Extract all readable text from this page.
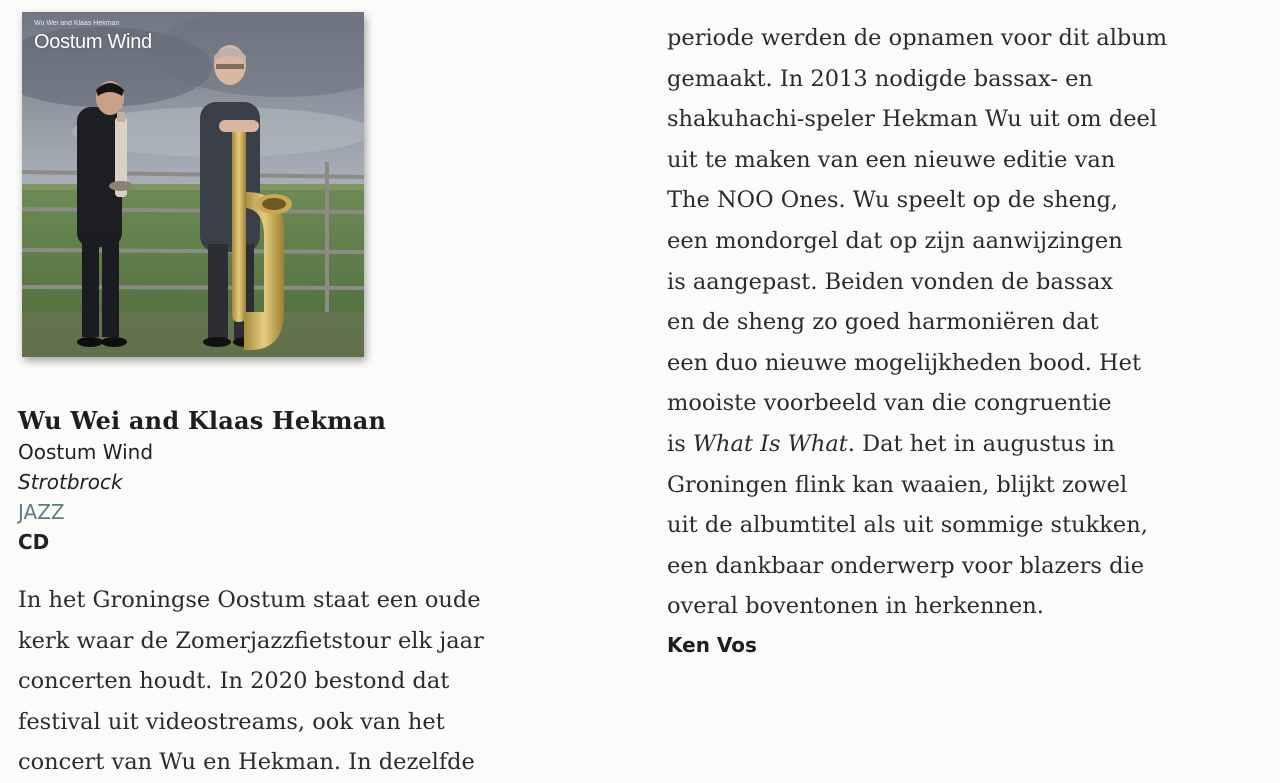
Wu Wei and Klaas Hekman
Oostum Wind
Wu Wei and Klaas Hekman
Oostum Wind
Strotbrock
JAZZ
CD
In het Groningse Oostum staat een oude
kerk waar de Zomerjazzfietstour elk jaar
concerten houdt. In 2020 bestond dat
festival uit videostreams, ook van het
concert van Wu en Hekman. In dezelfde
periode werden de opnamen voor dit album
gemaakt. In 2013 nodigde bassax- en
shakuhachi-speler Hekman Wu uit om deel
uit te maken van een nieuwe editie van
The NOO Ones. Wu speelt op de sheng,
een mondorgel dat op zijn aanwijzingen
is aangepast. Beiden vonden de bassax
en de sheng zo goed harmoniëren dat
een duo nieuwe mogelijkheden bood. Het
mooiste voorbeeld van die congruentie
is What Is What. Dat het in augustus in
Groningen flink kan waaien, blijkt zowel
uit de albumtitel als uit sommige stukken,
een dankbaar onderwerp voor blazers die
overal boventonen in herkennen.
Ken Vos
